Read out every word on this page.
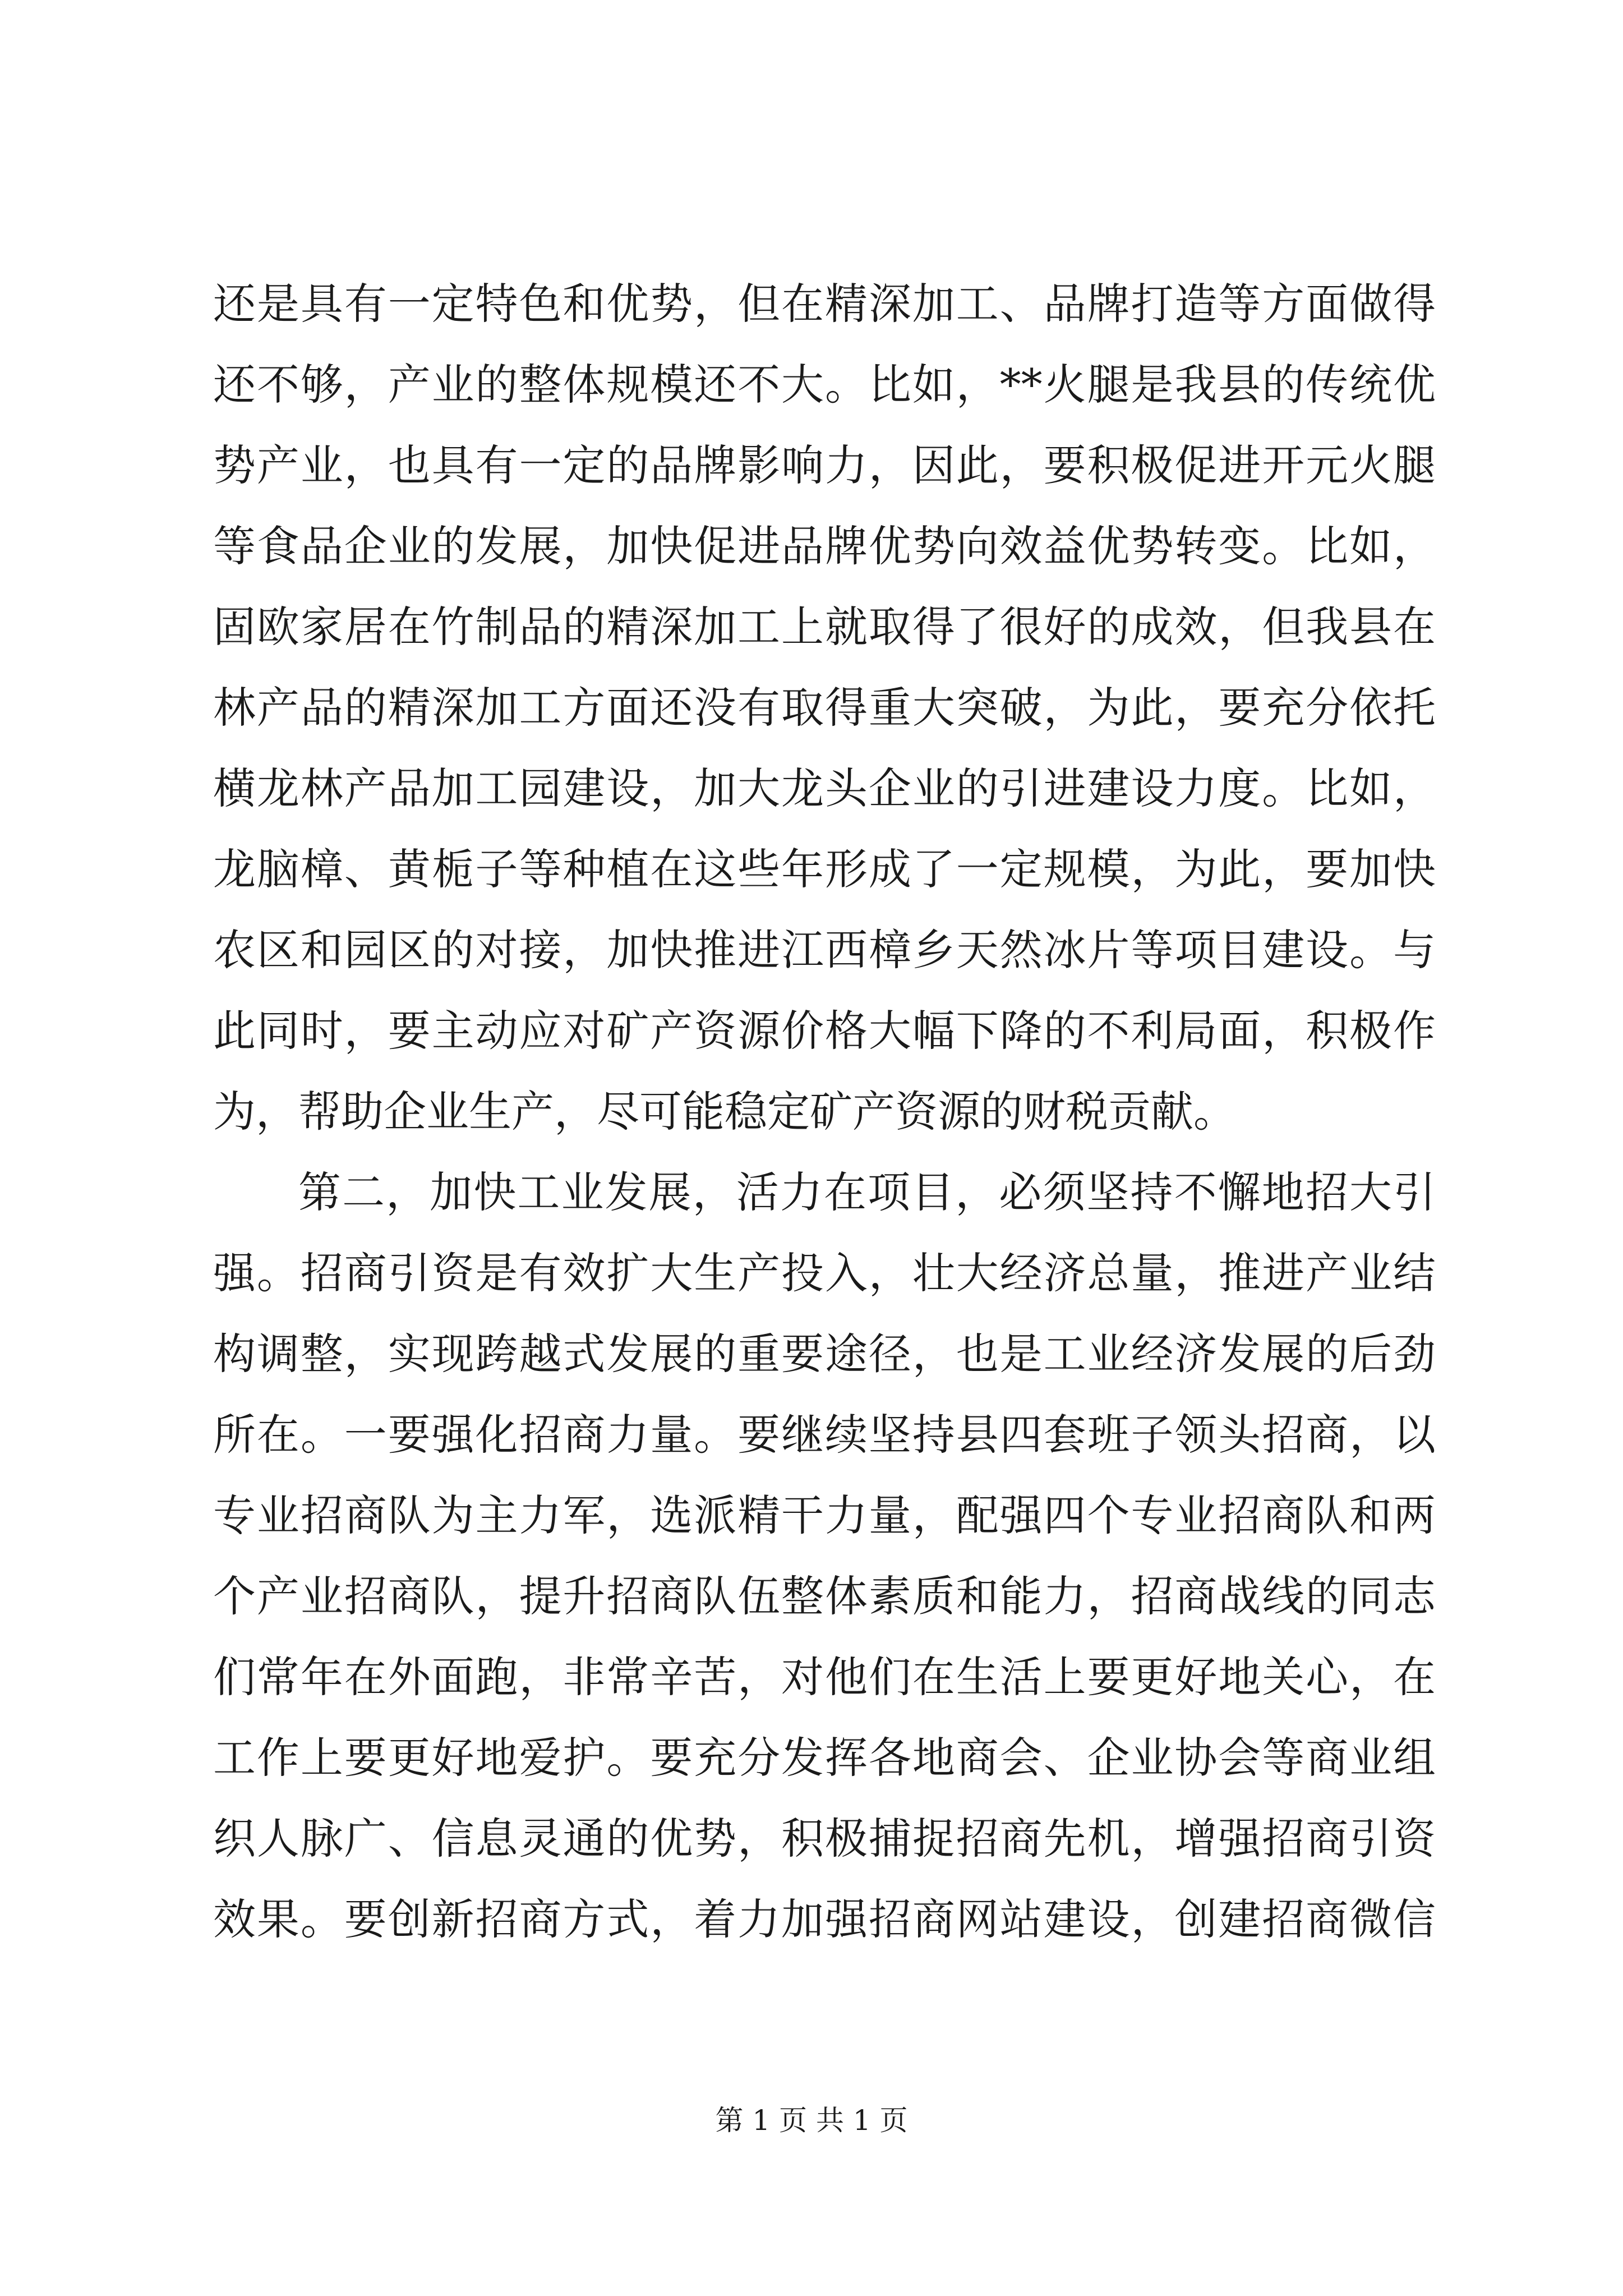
还是具有一定特色和优势，但在精深加工、品牌打造等方面做得
还不够，产业的整体规模还不大。比如，**火腿是我县的传统优
势产业，也具有一定的品牌影响力，因此，要积极促进开元火腿
等食品企业的发展，加快促进品牌优势向效益优势转变。比如，
固欧家居在竹制品的精深加工上就取得了很好的成效，但我县在
林产品的精深加工方面还没有取得重大突破，为此，要充分依托
横龙林产品加工园建设，加大龙头企业的引进建设力度。比如，
龙脑樟、黄栀子等种植在这些年形成了一定规模，为此，要加快
农区和园区的对接，加快推进江西樟乡天然冰片等项目建设。与
此同时，要主动应对矿产资源价格大幅下降的不利局面，积极作
为，帮助企业生产，尽可能稳定矿产资源的财税贡献。
第二，加快工业发展，活力在项目，必须坚持不懈地招大引
强。招商引资是有效扩大生产投入，壮大经济总量，推进产业结
构调整，实现跨越式发展的重要途径，也是工业经济发展的后劲
所在。一要强化招商力量。要继续坚持县四套班子领头招商，以
专业招商队为主力军，选派精干力量，配强四个专业招商队和两
个产业招商队，提升招商队伍整体素质和能力，招商战线的同志
们常年在外面跑，非常辛苦，对他们在生活上要更好地关心，在
工作上要更好地爱护。要充分发挥各地商会、企业协会等商业组
织人脉广、信息灵通的优势，积极捕捉招商先机，增强招商引资
效果。要创新招商方式，着力加强招商网站建设，创建招商微信
第 1 页 共 1 页
